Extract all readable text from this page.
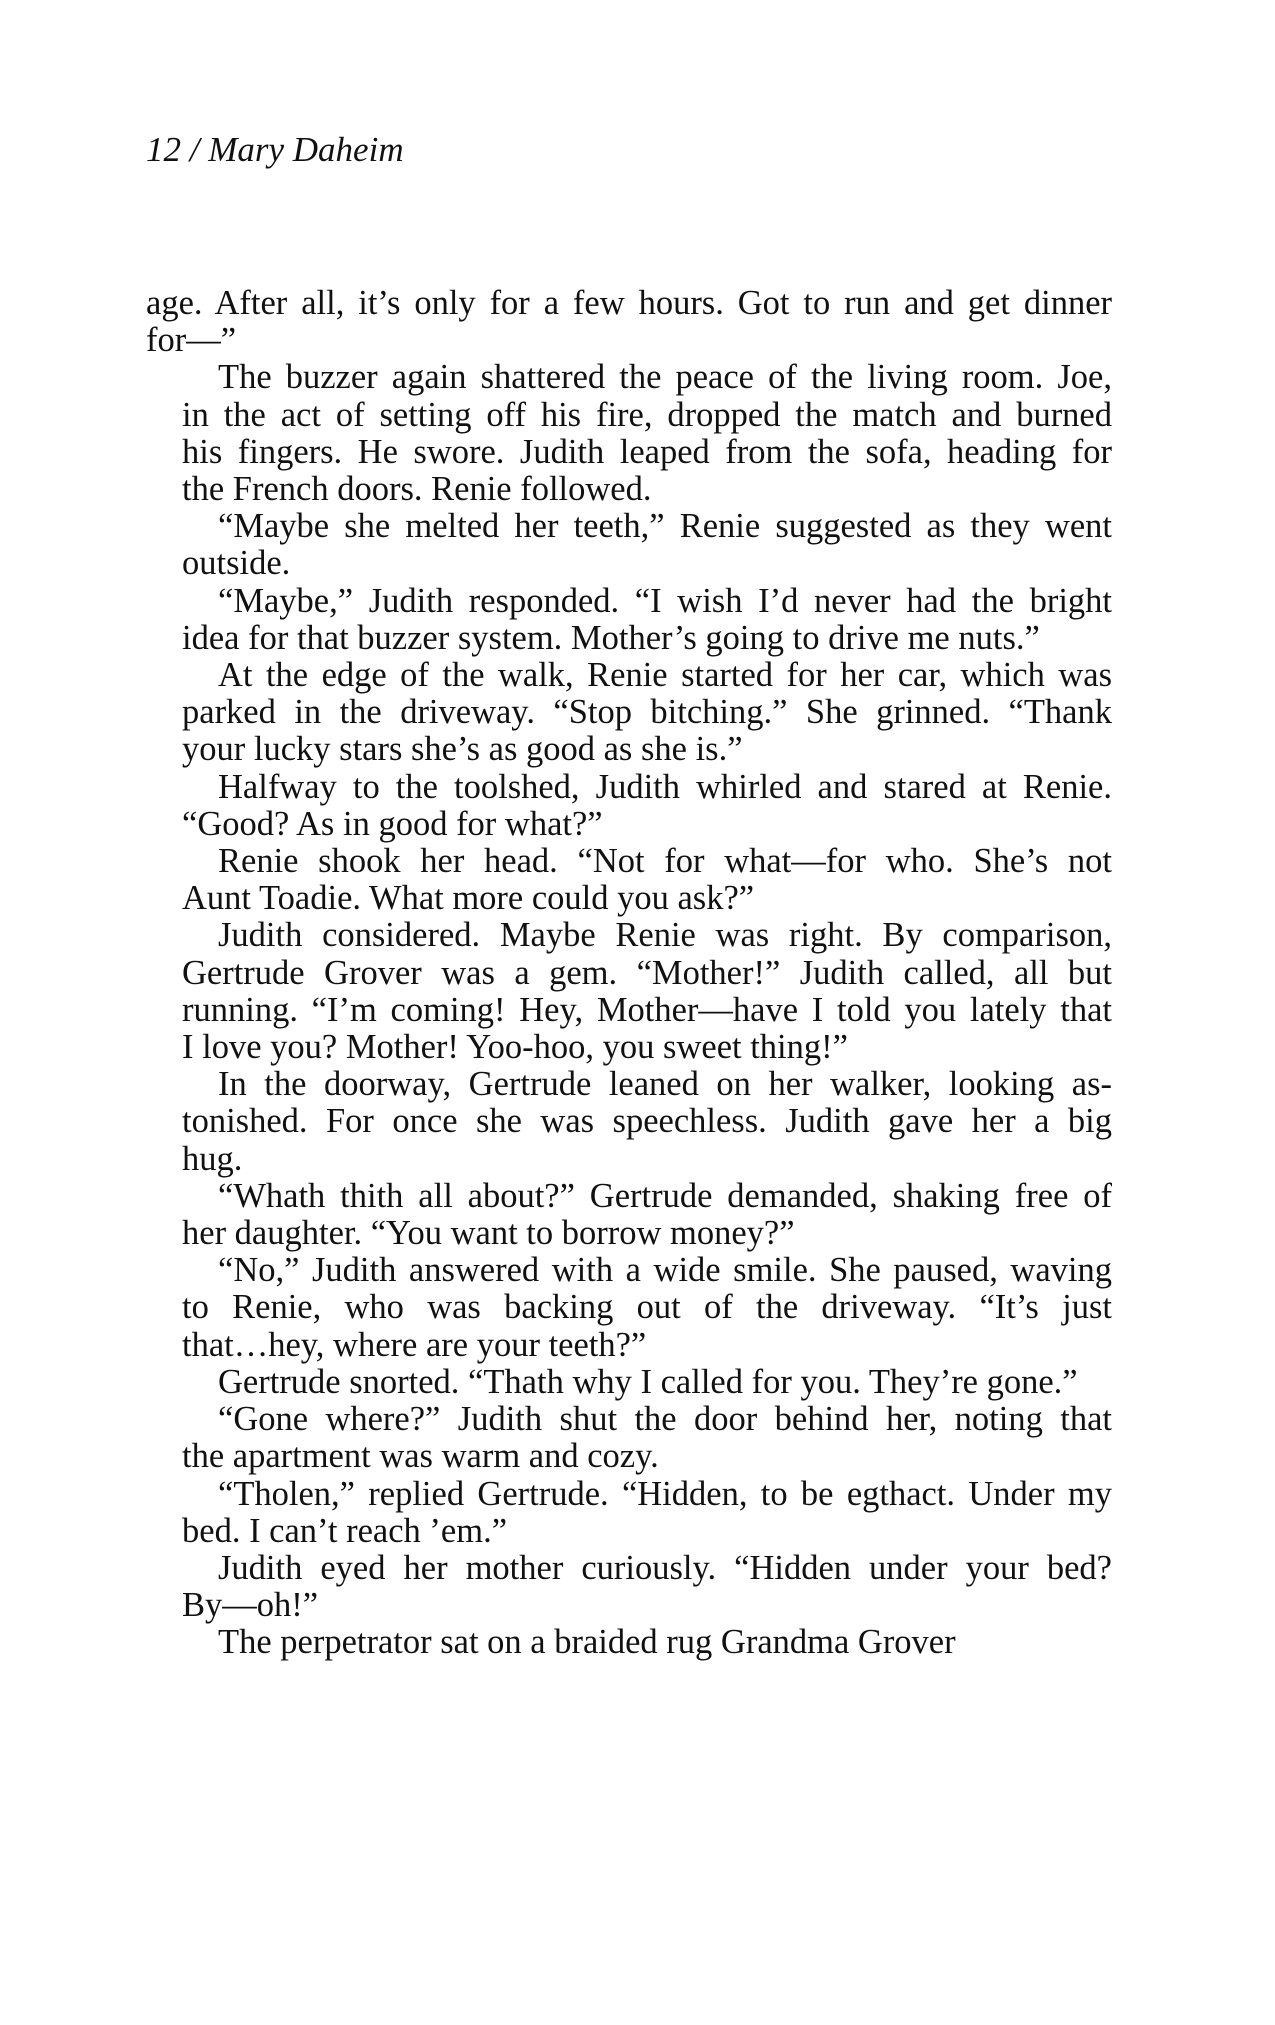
12 / Mary Daheim

age. After all, it’s only for a few hours. Got to run and get dinner
for—”

The buzzer again shattered the peace of the living room. Joe,
in the act of setting off his fire, dropped the match and burned
his fingers. He swore. Judith leaped from the sofa, heading for
the French doors. Renie followed.

“Maybe she melted her teeth,” Renie suggested as they went
outside.

“Maybe,” Judith responded. “I wish I’d never had the bright
idea for that buzzer system. Mother’s going to drive me nuts.”

At the edge of the walk, Renie started for her car, which was
parked in the driveway. “Stop bitching.” She grinned. “Thank
your lucky stars she’s as good as she is.”

Halfway to the toolshed, Judith whirled and stared at Renie.
“Good? As in good for what?”

Renie shook her head. “Not for what—for who. She’s not
Aunt Toadie. What more could you ask?”

Judith considered. Maybe Renie was right. By comparison,
Gertrude Grover was a gem. “Mother!” Judith called, all but
running. “I’m coming! Hey, Mother—have I told you lately that
I love you? Mother! Yoo-hoo, you sweet thing!”

In the doorway, Gertrude leaned on her walker, looking as-
tonished. For once she was speechless. Judith gave her a big
hug.

“Whath thith all about?” Gertrude demanded, shaking free of
her daughter. “You want to borrow money?”

“No,” Judith answered with a wide smile. She paused, waving
to Renie, who was backing out of the driveway. “It’s just
that…hey, where are your teeth?”

Gertrude snorted. “Thath why I called for you. They’re gone.”

“Gone where?” Judith shut the door behind her, noting that
the apartment was warm and cozy.

“Tholen,” replied Gertrude. “Hidden, to be egthact. Under my
bed. I can’t reach ’em.”

Judith eyed her mother curiously. “Hidden under your bed?
By—oh!”

The perpetrator sat on a braided rug Grandma Grover
